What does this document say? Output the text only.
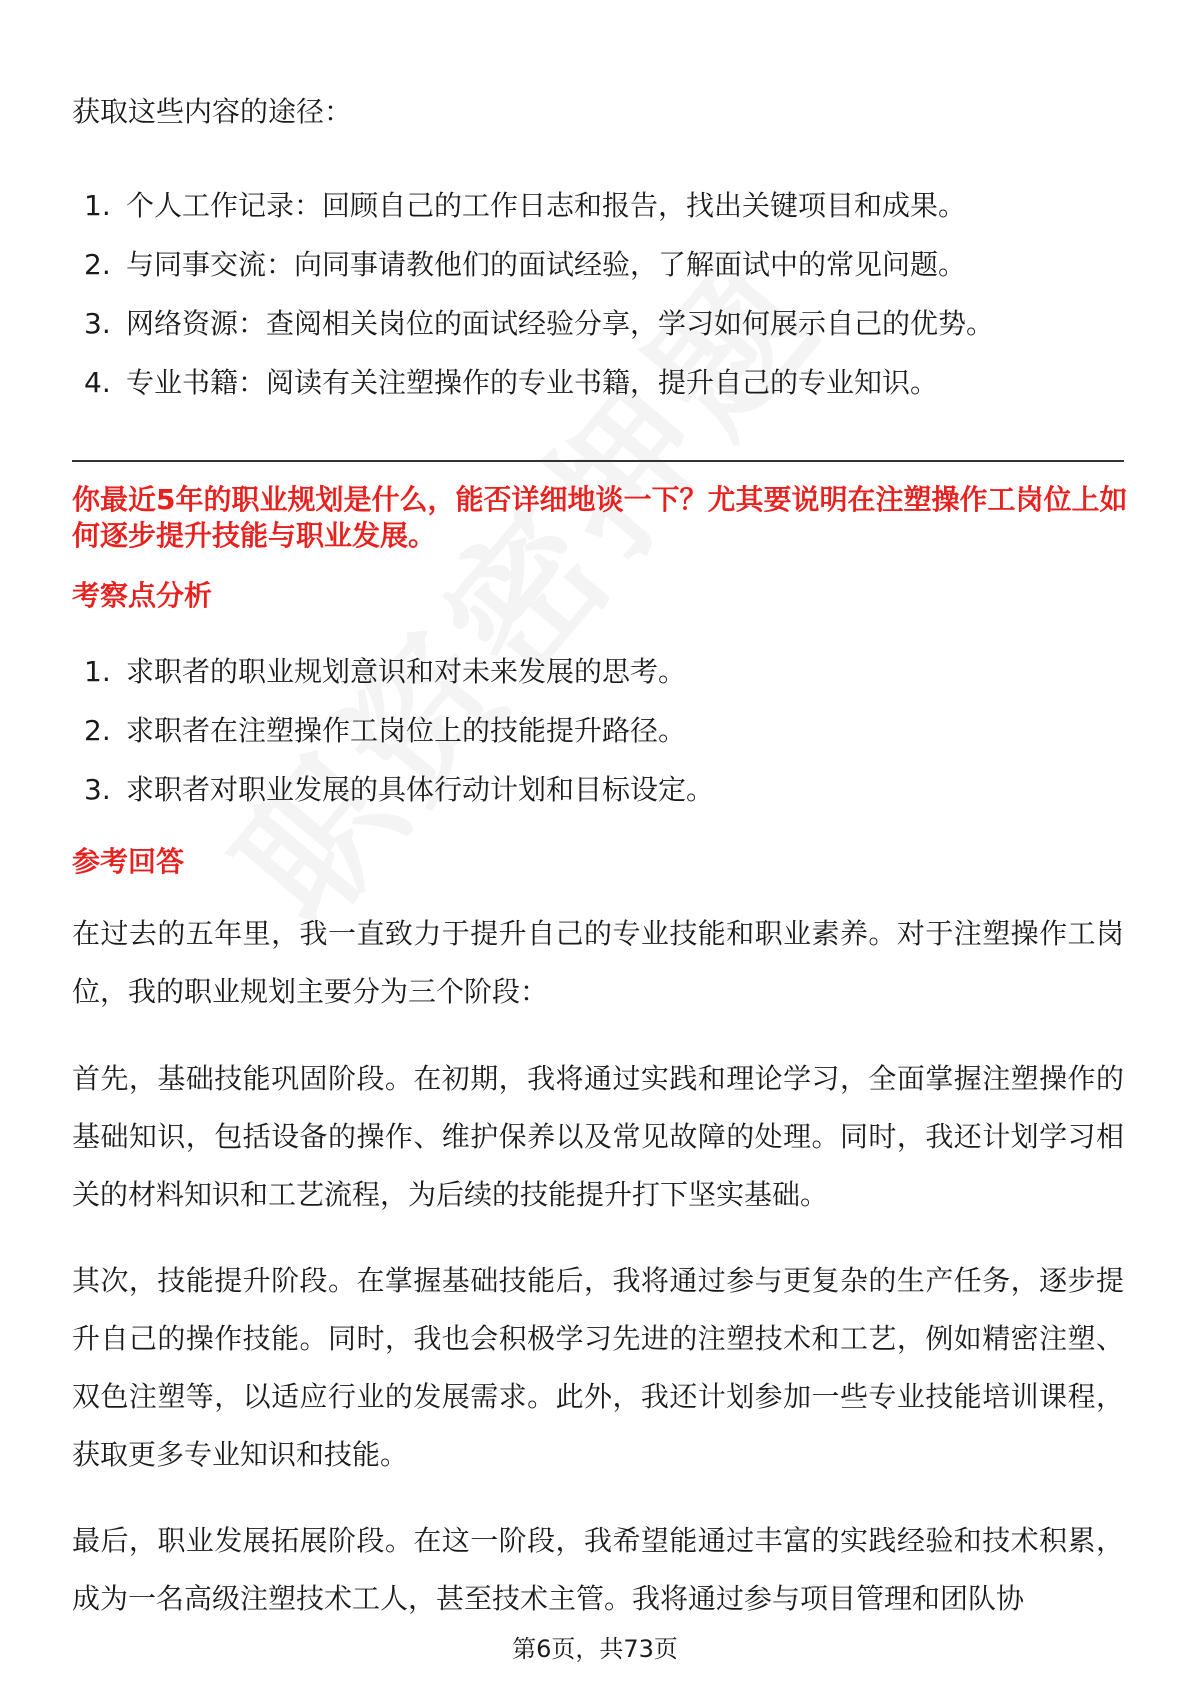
获取这些内容的途径：

1. 个人工作记录：回顾自己的工作日志和报告，找出关键项目和成果。
2. 与同事交流：向同事请教他们的面试经验，了解面试中的常见问题。
3. 网络资源：查阅相关岗位的面试经验分享，学习如何展示自己的优势。
4. 专业书籍：阅读有关注塑操作的专业书籍，提升自己的专业知识。

你最近5年的职业规划是什么，能否详细地谈一下？尤其要说明在注塑操作工岗位上如何逐步提升技能与职业发展。

考察点分析
1. 求职者的职业规划意识和对未来发展的思考。
2. 求职者在注塑操作工岗位上的技能提升路径。
3. 求职者对职业发展的具体行动计划和目标设定。
参考回答

在过去的五年里，我一直致力于提升自己的专业技能和职业素养。对于注塑操作工岗位，我的职业规划主要分为三个阶段：

首先，基础技能巩固阶段。在初期，我将通过实践和理论学习，全面掌握注塑操作的基础知识，包括设备的操作、维护保养以及常见故障的处理。同时，我还计划学习相关的材料知识和工艺流程，为后续的技能提升打下坚实基础。

其次，技能提升阶段。在掌握基础技能后，我将通过参与更复杂的生产任务，逐步提升自己的操作技能。同时，我也会积极学习先进的注塑技术和工艺，例如精密注塑、双色注塑等，以适应行业的发展需求。此外，我还计划参加一些专业技能培训课程，获取更多专业知识和技能。

最后，职业发展拓展阶段。在这一阶段，我希望能通过丰富的实践经验和技术积累，成为一名高级注塑技术工人，甚至技术主管。我将通过参与项目管理和团队协

第6页，共73页
